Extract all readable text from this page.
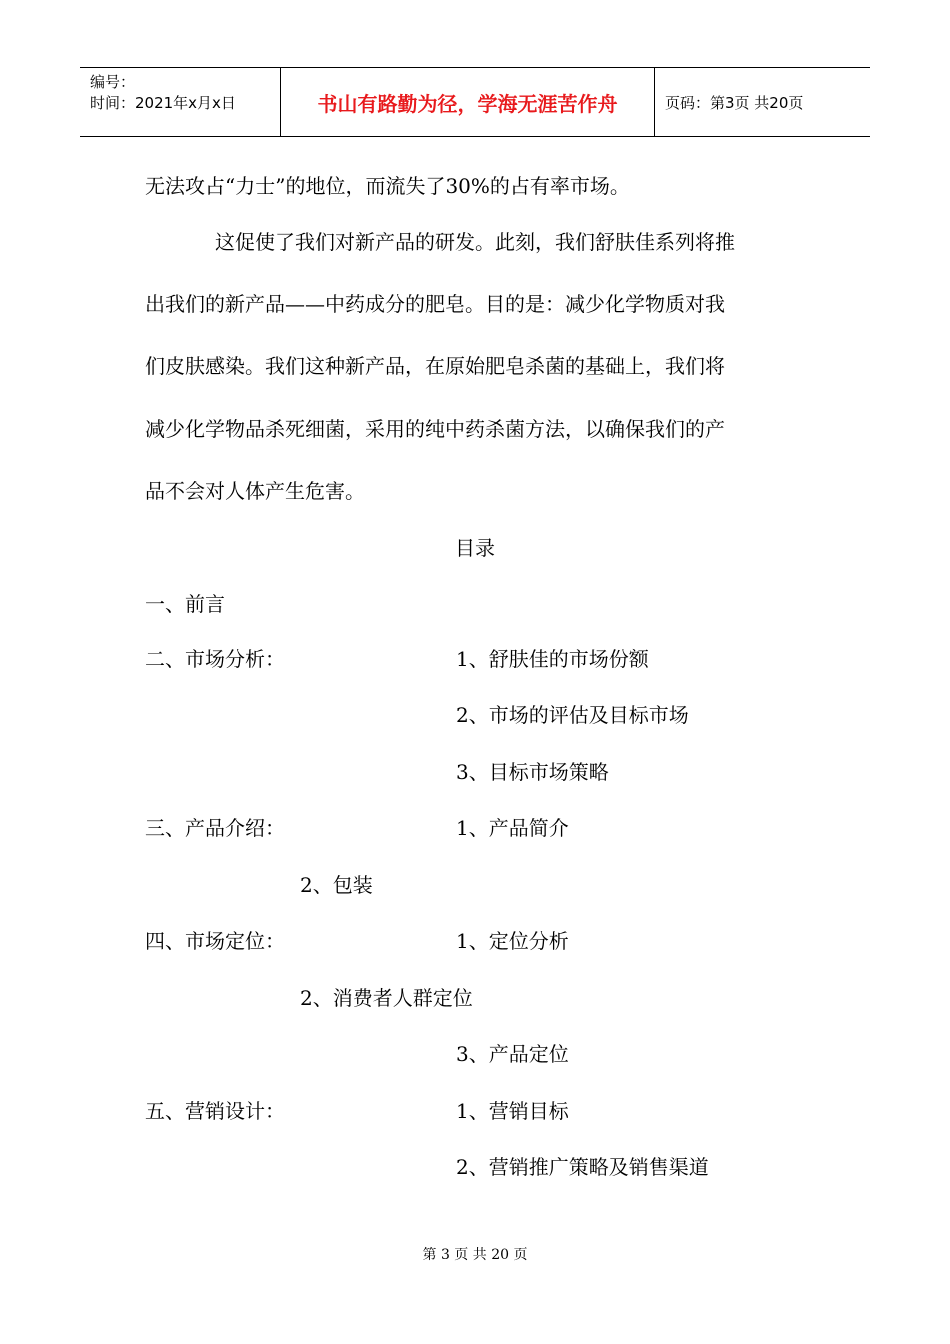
编号：
时间：2021年x月x日	书山有路勤为径，学海无涯苦作舟	页码：第3页 共20页
无法攻占“力士”的地位，而流失了30%的占有率市场。
这促使了我们对新产品的研发。此刻，我们舒肤佳系列将推
出我们的新产品——中药成分的肥皂。目的是：减少化学物质对我
们皮肤感染。我们这种新产品，在原始肥皂杀菌的基础上，我们将
减少化学物品杀死细菌，采用的纯中药杀菌方法，以确保我们的产
品不会对人体产生危害。
目录
一、前言
二、市场分析：	1、舒肤佳的市场份额
2、市场的评估及目标市场
3、目标市场策略
三、产品介绍：	1、产品简介
2、包装
四、市场定位：	1、定位分析
2、消费者人群定位
3、产品定位
五、营销设计：	1、营销目标
2、营销推广策略及销售渠道
第 3 页 共 20 页
